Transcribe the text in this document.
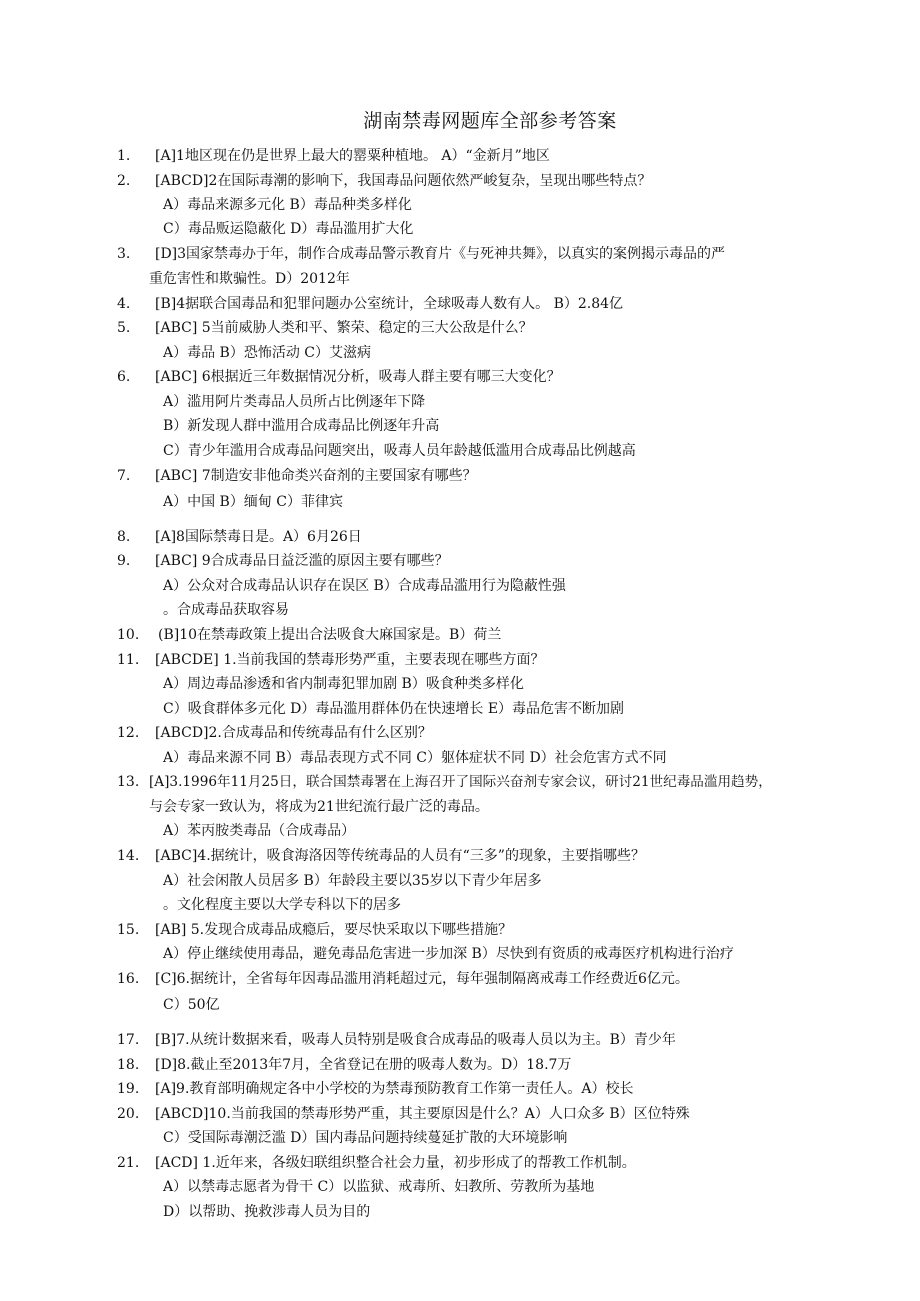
湖南禁毒网题库全部参考答案
1. [A]1地区现在仍是世界上最大的罂粟种植地。 A）“金新月”地区
2. [ABCD]2在国际毒潮的影响下，我国毒品问题依然严峻复杂，呈现出哪些特点？
A）毒品来源多元化 B）毒品种类多样化
C）毒品贩运隐蔽化 D）毒品滥用扩大化
3. [D]3国家禁毒办于年，制作合成毒品警示教育片《与死神共舞》，以真实的案例揭示毒品的严
重危害性和欺骗性。D）2012年
4. [B]4据联合国毒品和犯罪问题办公室统计，全球吸毒人数有人。 B）2.84亿
5. [ABC] 5当前威胁人类和平、繁荣、稳定的三大公敌是什么？
A）毒品 B）恐怖活动 C）艾滋病
6. [ABC] 6根据近三年数据情况分析，吸毒人群主要有哪三大变化？
A）滥用阿片类毒品人员所占比例逐年下降
B）新发现人群中滥用合成毒品比例逐年升高
C）青少年滥用合成毒品问题突出，吸毒人员年龄越低滥用合成毒品比例越高
7. [ABC] 7制造安非他命类兴奋剂的主要国家有哪些？
A）中国 B）缅甸 C）菲律宾
8. [A]8国际禁毒日是。A）6月26日
9. [ABC] 9合成毒品日益泛滥的原因主要有哪些？
A）公众对合成毒品认识存在误区 B）合成毒品滥用行为隐蔽性强
。合成毒品获取容易
10. (B]10在禁毒政策上提出合法吸食大麻国家是。B）荷兰
11. [ABCDE] 1.当前我国的禁毒形势严重，主要表现在哪些方面？
A）周边毒品渗透和省内制毒犯罪加剧 B）吸食种类多样化
C）吸食群体多元化 D）毒品滥用群体仍在快速增长 E）毒品危害不断加剧
12. [ABCD]2.合成毒品和传统毒品有什么区别？
A）毒品来源不同 B）毒品表现方式不同 C）躯体症状不同 D）社会危害方式不同
13. [A]3.1996年11月25日，联合国禁毒署在上海召开了国际兴奋剂专家会议，研讨21世纪毒品滥用趋势，
与会专家一致认为，将成为21世纪流行最广泛的毒品。
A）苯丙胺类毒品（合成毒品）
14. [ABC]4.据统计，吸食海洛因等传统毒品的人员有“三多”的现象，主要指哪些？
A）社会闲散人员居多 B）年龄段主要以35岁以下青少年居多
。文化程度主要以大学专科以下的居多
15. [AB] 5.发现合成毒品成瘾后，要尽快采取以下哪些措施？
A）停止继续使用毒品，避免毒品危害进一步加深 B）尽快到有资质的戒毒医疗机构进行治疗
16. [C]6.据统计，全省每年因毒品滥用消耗超过元，每年强制隔离戒毒工作经费近6亿元。
C）50亿
17. [B]7.从统计数据来看，吸毒人员特别是吸食合成毒品的吸毒人员以为主。B）青少年
18. [D]8.截止至2013年7月，全省登记在册的吸毒人数为。D）18.7万
19. [A]9.教育部明确规定各中小学校的为禁毒预防教育工作第一责任人。A）校长
20. [ABCD]10.当前我国的禁毒形势严重，其主要原因是什么？A）人口众多 B）区位特殊
C）受国际毒潮泛滥 D）国内毒品问题持续蔓延扩散的大环境影响
21. [ACD] 1.近年来，各级妇联组织整合社会力量，初步形成了的帮教工作机制。
A）以禁毒志愿者为骨干 C）以监狱、戒毒所、妇教所、劳教所为基地
D）以帮助、挽救涉毒人员为目的
